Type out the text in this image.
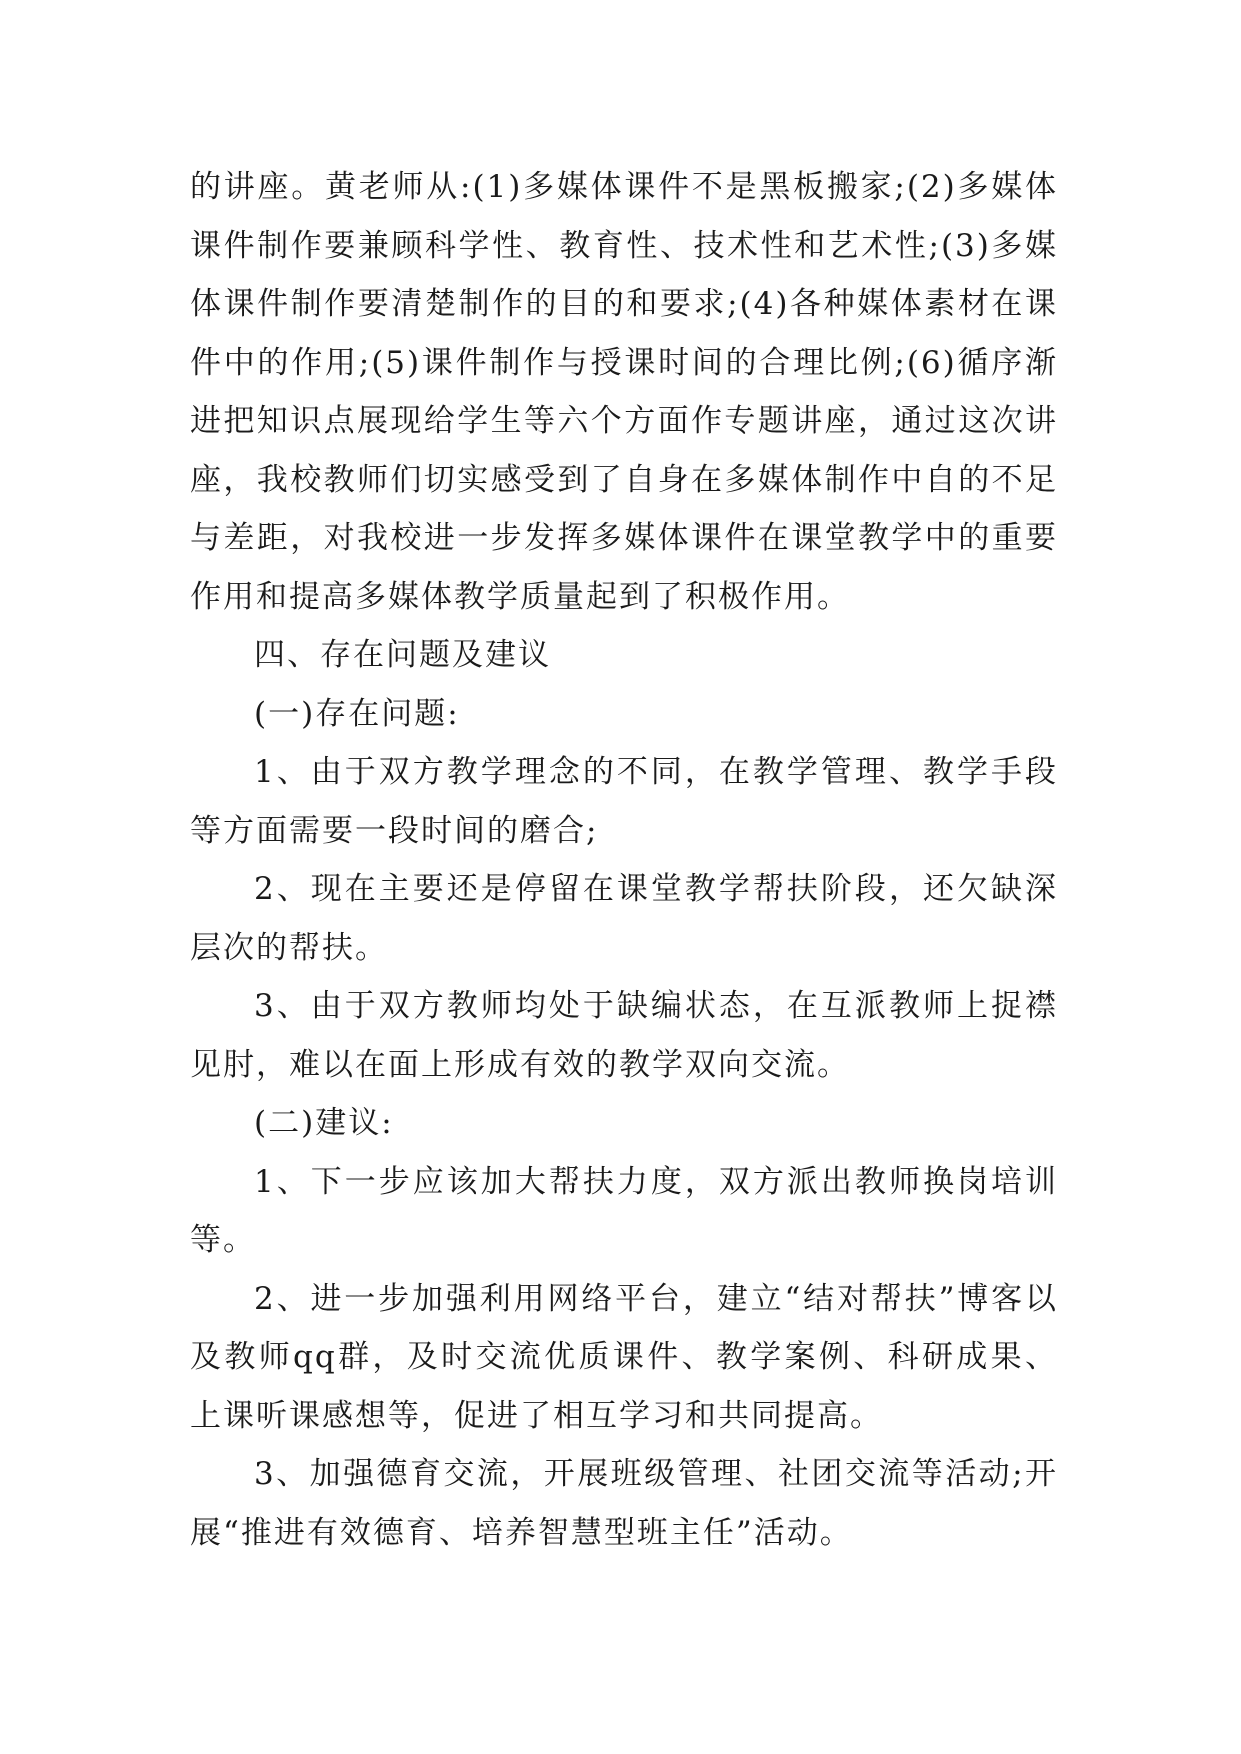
的讲座。黄老师从:(1)多媒体课件不是黑板搬家;(2)多媒体课件制作要兼顾科学性、教育性、技术性和艺术性;(3)多媒体课件制作要清楚制作的目的和要求;(4)各种媒体素材在课件中的作用;(5)课件制作与授课时间的合理比例;(6)循序渐进把知识点展现给学生等六个方面作专题讲座，通过这次讲座，我校教师们切实感受到了自身在多媒体制作中自的不足与差距，对我校进一步发挥多媒体课件在课堂教学中的重要作用和提高多媒体教学质量起到了积极作用。

四、存在问题及建议

(一)存在问题:

1、由于双方教学理念的不同，在教学管理、教学手段等方面需要一段时间的磨合;

2、现在主要还是停留在课堂教学帮扶阶段，还欠缺深层次的帮扶。

3、由于双方教师均处于缺编状态，在互派教师上捉襟见肘，难以在面上形成有效的教学双向交流。

(二)建议:

1、下一步应该加大帮扶力度，双方派出教师换岗培训等。

2、进一步加强利用网络平台，建立“结对帮扶”博客以及教师qq群，及时交流优质课件、教学案例、科研成果、上课听课感想等，促进了相互学习和共同提高。

3、加强德育交流，开展班级管理、社团交流等活动;开展“推进有效德育、培养智慧型班主任”活动。
